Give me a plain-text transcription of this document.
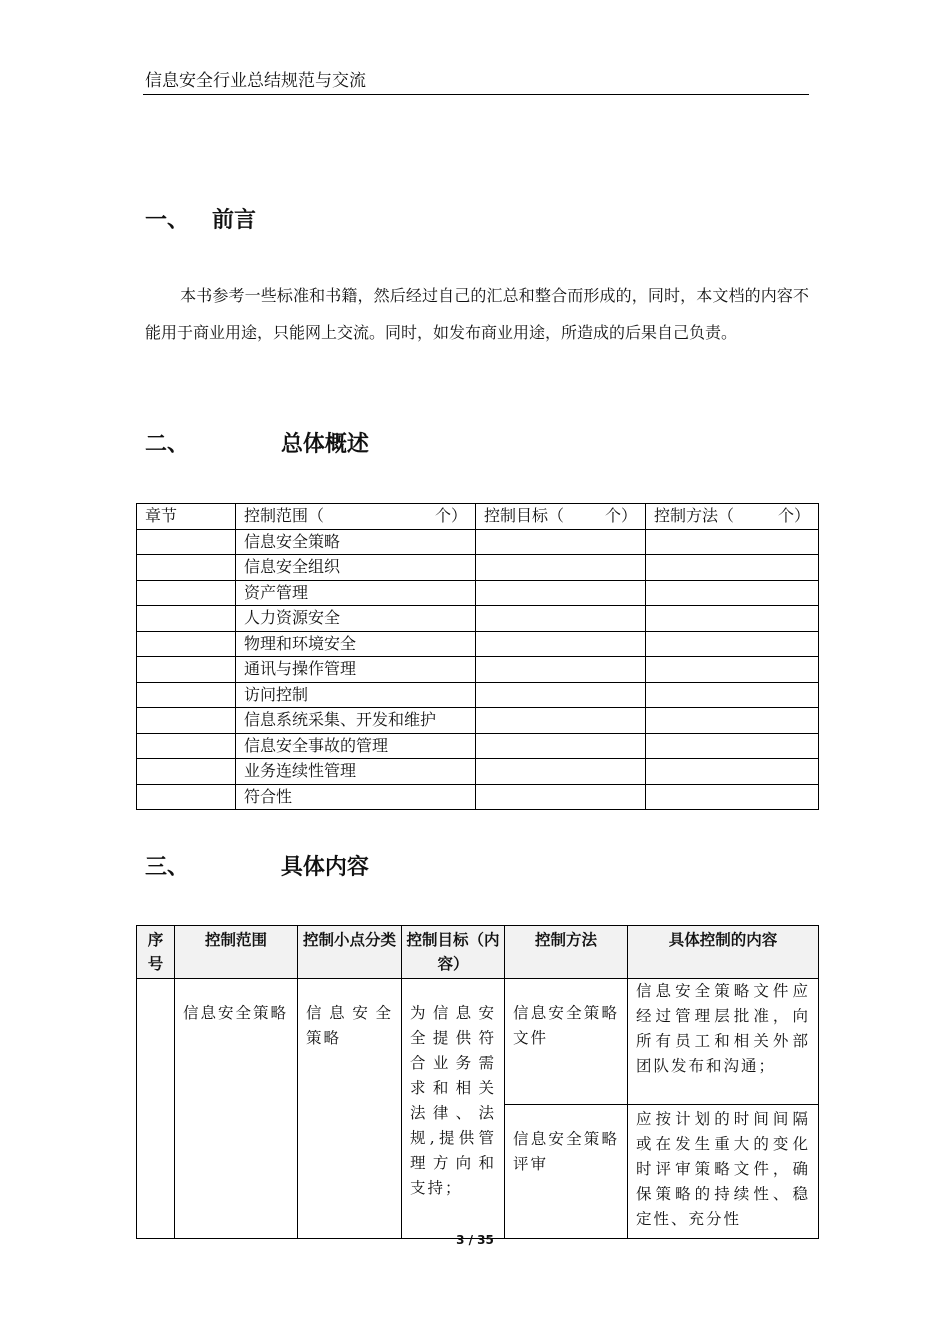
信息安全行业总结规范与交流
一、   前言
本书参考一些标准和书籍，然后经过自己的汇总和整合而形成的，同时，本文档的内容不能用于商业用途，只能网上交流。同时，如发布商业用途，所造成的后果自己负责。
二、            总体概述
章节	控制范围（ 个）	控制目标（ 个）	控制方法（ 个）

	信息安全策略		
	信息安全组织		
	资产管理		
	人力资源安全		
	物理和环境安全		
	通讯与操作管理		
	访问控制		
	信息系统采集、开发和维护		
	信息安全事故的管理		
	业务连续性管理		
	符合性		
三、            具体内容
序号	控制范围	控制小点分类	控制目标（内容）	控制方法	具体控制的内容
	信息安全策略	信息安全策略	为信息安全提供符合业务需求和相关法律、法规,提供管理方向和支持；	信息安全策略文件	信息安全策略文件应经过管理层批准，向所有员工和相关外部团队发布和沟通；
				信息安全策略评审	应按计划的时间间隔或在发生重大的变化时评审策略文件，确保策略的持续性、稳定性、充分性
3 / 35
